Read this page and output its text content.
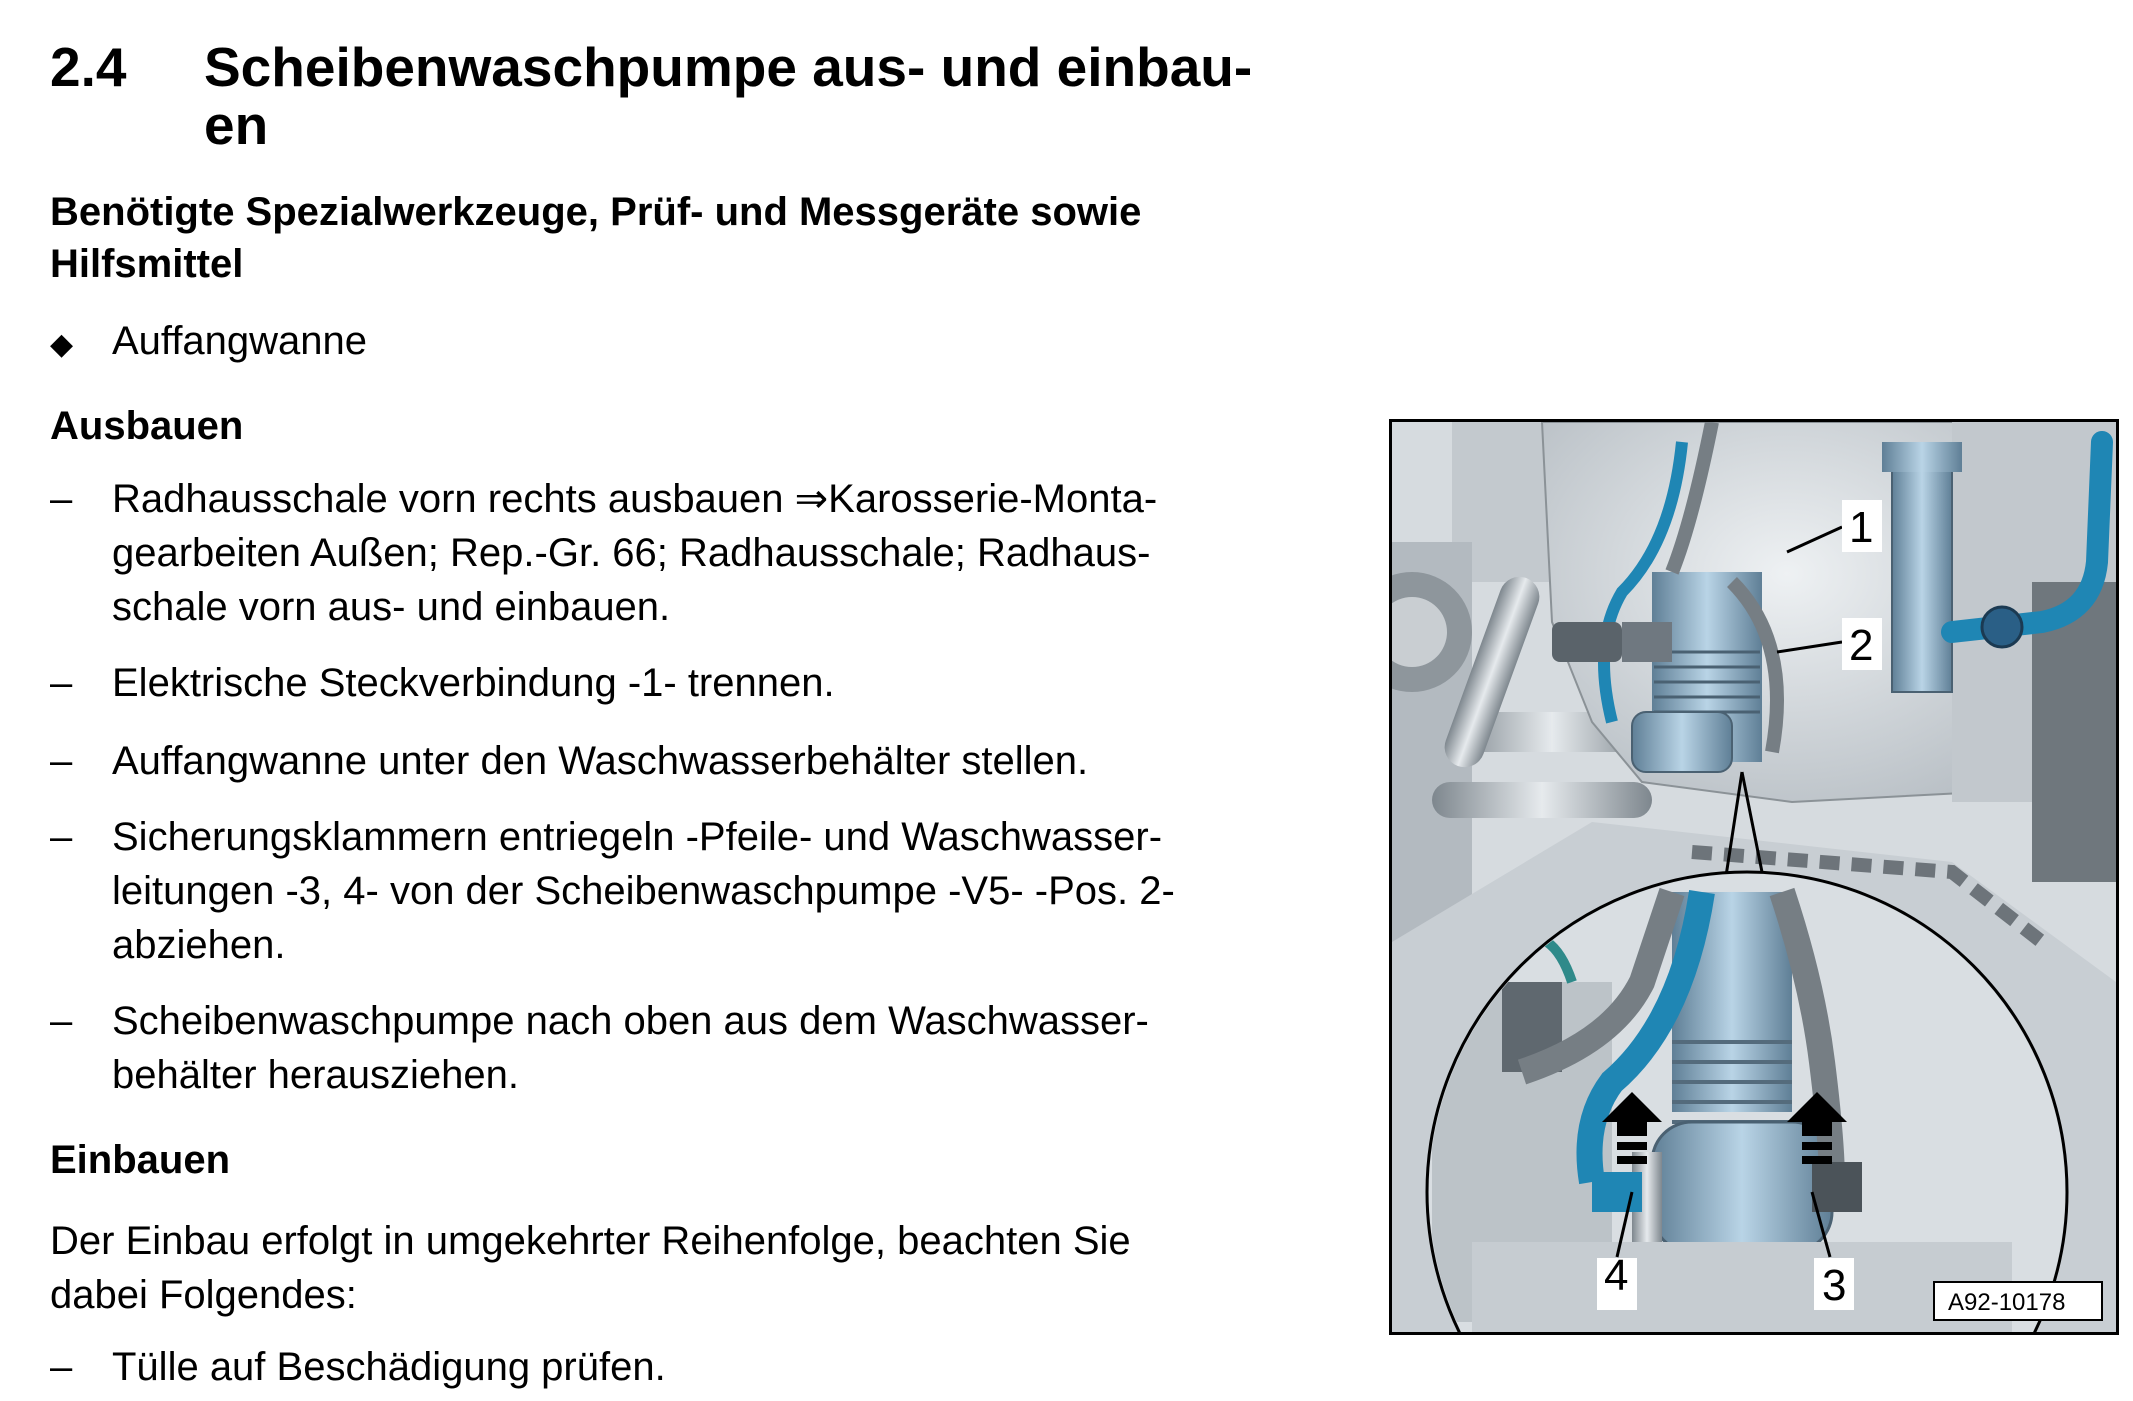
2.4 Scheibenwaschpumpe aus- und einbau-
en
Benötigte Spezialwerkzeuge, Prüf- und Messgeräte sowie Hilfsmittel
◆ Auffangwanne
Ausbauen
– Radhausschale vorn rechts ausbauen ⇒Karosserie-Monta-
gearbeiten Außen; Rep.-Gr. 66; Radhausschale; Radhaus-
schale vorn aus- und einbauen.
– Elektrische Steckverbindung -1- trennen.
– Auffangwanne unter den Waschwasserbehälter stellen.
– Sicherungsklammern entriegeln -Pfeile- und Waschwasser-
leitungen -3, 4- von der Scheibenwaschpumpe -V5- -Pos. 2-
abziehen.
– Scheibenwaschpumpe nach oben aus dem Waschwasser-
behälter herausziehen.
Einbauen
Der Einbau erfolgt in umgekehrter Reihenfolge, beachten Sie
dabei Folgendes:
– Tülle auf Beschädigung prüfen.
1
2
3
4
A92-10178
